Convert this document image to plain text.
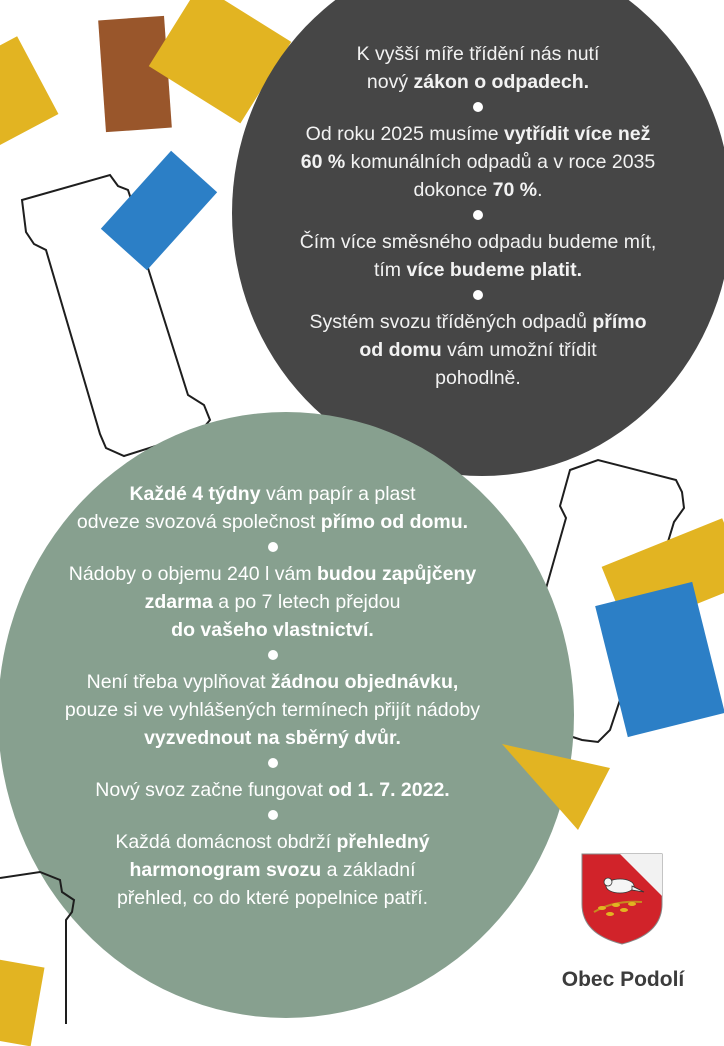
K vyšší míře třídění nás nutí
nový zákon o odpadech.

Od roku 2025 musíme vytřídit více než
60 % komunálních odpadů a v roce 2035
dokonce 70 %.

Čím více směsného odpadu budeme mít,
tím více budeme platit.

Systém svozu tříděných odpadů přímo
od domu vám umožní třídit
pohodlně.

Každé 4 týdny vám papír a plast
odveze svozová společnost přímo od domu.

Nádoby o objemu 240 l vám budou zapůjčeny
zdarma a po 7 letech přejdou
do vašeho vlastnictví.

Není třeba vyplňovat žádnou objednávku,
pouze si ve vyhlášených termínech přijít nádoby
vyzvednout na sběrný dvůr.

Nový svoz začne fungovat od 1. 7. 2022.

Každá domácnost obdrží přehledný
harmonogram svozu a základní
přehled, co do které popelnice patří.

Obec Podolí
